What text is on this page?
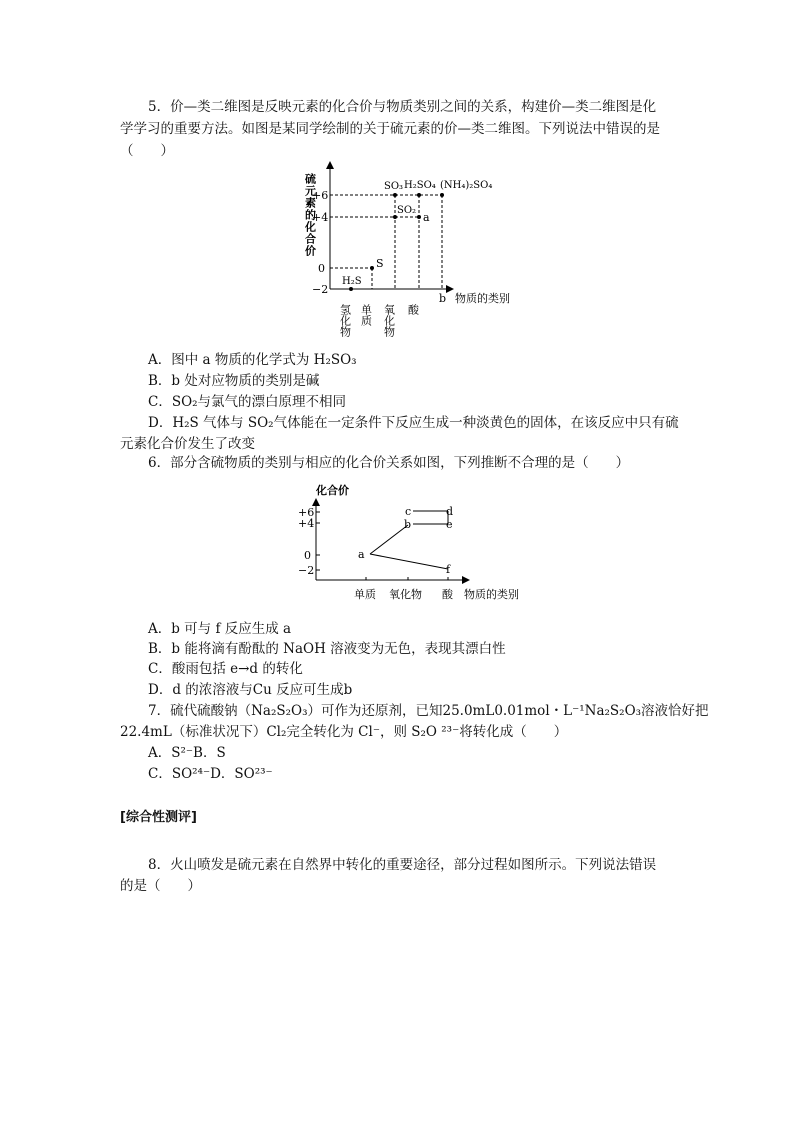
5．价—类二维图是反映元素的化合价与物质类别之间的关系，构建价—类二维图是化
学学习的重要方法。如图是某同学绘制的关于硫元素的价—类二维图。下列说法中错误的是
（　　）
硫元素的化合价
+6
+4
0
−2
H₂S
S
SO₂
SO₃
a
H₂SO₄ (NH₄)₂SO₄
氢化物 单质 氧化物 酸
b 物质的类别
A．图中 a 物质的化学式为 H₂SO₃
B．b 处对应物质的类别是碱
C．SO₂与氯气的漂白原理不相同
D．H₂S 气体与 SO₂气体能在一定条件下反应生成一种淡黄色的固体，在该反应中只有硫
元素化合价发生了改变
6．部分含硫物质的类别与相应的化合价关系如图，下列推断不合理的是（　　）
化合价
+6
+4
0
−2
a
b
c	d
e
f
单质 氧化物 酸 物质的类别
A．b 可与 f 反应生成 a
B．b 能将滴有酚酞的 NaOH 溶液变为无色，表现其漂白性
C．酸雨包括 e→d 的转化
D．d 的浓溶液与Cu 反应可生成b
7．硫代硫酸钠（Na₂S₂O₃）可作为还原剂，已知25.0mL0.01mol・L⁻¹Na₂S₂O₃溶液恰好把
22.4mL（标准状况下）Cl₂完全转化为 Cl⁻，则 S₂O ²³⁻将转化成（　　）
A．S²⁻B．S
C．SO²⁴⁻D．SO²³⁻
[综合性测评]
8．火山喷发是硫元素在自然界中转化的重要途径，部分过程如图所示。下列说法错误
的是（　　）
